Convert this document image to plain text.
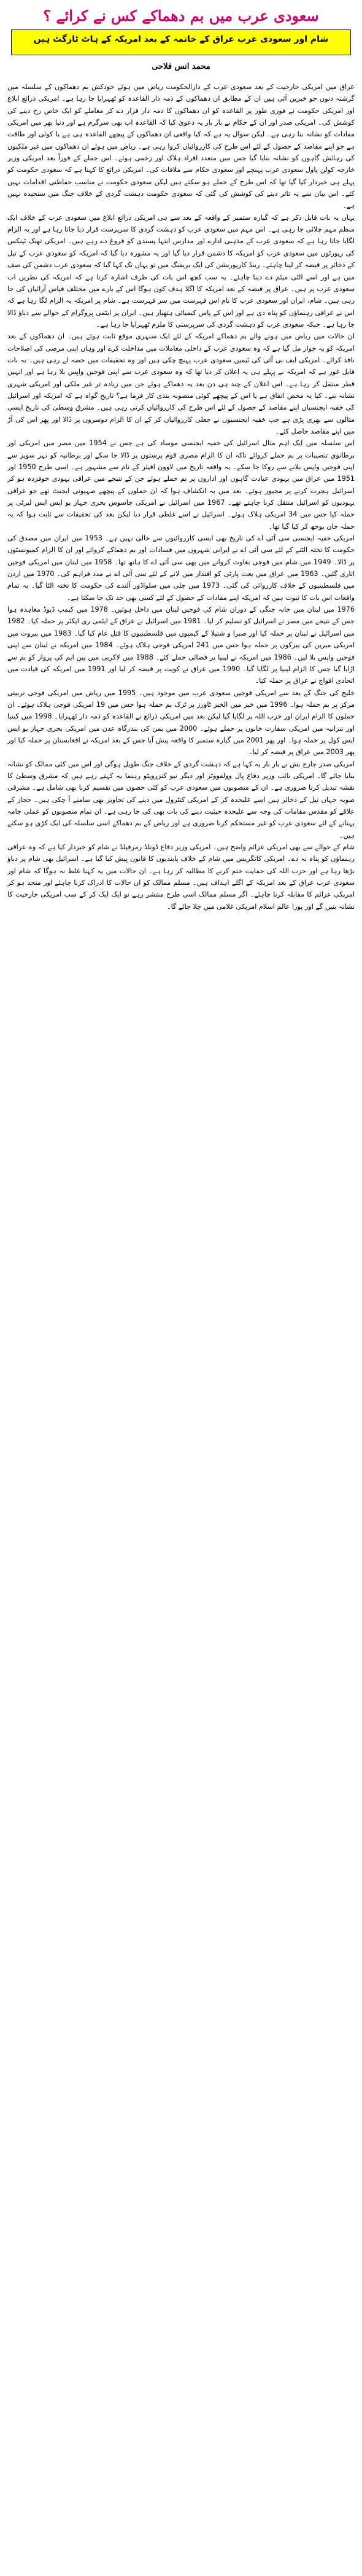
سعودی عرب میں بم دھماکے کس نے کرائے ؟
شام اور سعودی عرب عراق کے خاتمہ کے بعد امریکہ کے ہاٹ ٹارگٹ ہیں
محمد انس فلاحی

عراق میں امریکی جارحیت کے بعد سعودی عرب کے دارالحکومت ریاض میں ہوئے خودکش بم دھماکوں کے سلسلہ میں گزشتہ دنوں جو خبریں آئی ہیں ان کے مطابق ان دھماکوں کے ذمہ دار القاعدہ کو ٹھہرایا جا رہا ہے۔ امریکی ذرائع ابلاغ اور امریکی حکومت نے فوری طور پر القاعدہ کو ان دھماکوں کا ذمہ دار قرار دے کر معاملے کو ایک خاص رخ دینے کی کوشش کی۔ امریکی صدر اور ان کے حکام نے بار بار یہ دعویٰ کیا کہ القاعدہ اب بھی سرگرم ہے اور دنیا بھر میں امریکی مفادات کو نشانہ بنا رہی ہے۔ لیکن سوال یہ ہے کہ کیا واقعی ان دھماکوں کے پیچھے القاعدہ ہی ہے یا کوئی اور طاقت ہے جو اپنے مقاصد کے حصول کے لئے اس طرح کی کارروائیاں کروا رہی ہے۔ ریاض میں ہوئے ان دھماکوں میں غیر ملکیوں کی رہائش گاہوں کو نشانہ بنایا گیا جس میں متعدد افراد ہلاک اور زخمی ہوئے۔ اس حملے کے فوراً بعد امریکی وزیر خارجہ کولن پاول سعودی عرب پہنچے اور سعودی حکام سے ملاقات کی۔ امریکی ذرائع کا کہنا ہے کہ سعودی حکومت کو پہلے ہی خبردار کیا گیا تھا کہ اس طرح کے حملے ہو سکتے ہیں لیکن سعودی حکومت نے مناسب حفاظتی اقدامات نہیں کئے۔ اس بیان سے یہ تاثر دینے کی کوشش کی گئی کہ سعودی حکومت دہشت گردی کے خلاف جنگ میں سنجیدہ نہیں ہے۔

یہاں یہ بات قابل ذکر ہے کہ گیارہ ستمبر کے واقعہ کے بعد سے ہی امریکی ذرائع ابلاغ میں سعودی عرب کے خلاف ایک منظم مہم چلائی جا رہی ہے۔ اس مہم میں سعودی عرب کو دہشت گردی کا سرپرست قرار دیا جاتا رہا ہے اور یہ الزام لگایا جاتا رہا ہے کہ سعودی عرب کے مذہبی ادارے اور مدارس انتہا پسندی کو فروغ دے رہے ہیں۔ امریکی تھنک ٹینکس کی رپورٹوں میں سعودی عرب کو امریکہ کا دشمن قرار دیا گیا اور یہ مشورہ دیا گیا کہ امریکہ کو سعودی عرب کے تیل کے ذخائر پر قبضہ کر لینا چاہئے۔ رینڈ کارپوریشن کی ایک بریفنگ میں تو یہاں تک کہا گیا کہ سعودی عرب دشمن کی صف میں ہے اور اسے الٹی میٹم دے دینا چاہئے۔ یہ سب کچھ اس بات کی طرف اشارہ کرتا ہے کہ امریکہ کی نظریں اب سعودی عرب پر ہیں۔ عراق پر قبضہ کے بعد امریکہ کا اگلا ہدف کون ہوگا اس کے بارے میں مختلف قیاس آرائیاں کی جا رہی ہیں۔ شام، ایران اور سعودی عرب کا نام اس فہرست میں سر فہرست ہے۔ شام پر امریکہ یہ الزام لگا رہا ہے کہ اس نے عراقی رہنماؤں کو پناہ دی ہے اور اس کے پاس کیمیائی ہتھیار ہیں۔ ایران پر ایٹمی پروگرام کے حوالے سے دباؤ ڈالا جا رہا ہے۔ جبکہ سعودی عرب کو دہشت گردی کی سرپرستی کا ملزم ٹھہرایا جا رہا ہے۔

ان حالات میں ریاض میں ہونے والے بم دھماکے امریکہ کے لئے ایک سنہری موقع ثابت ہوئے ہیں۔ ان دھماکوں کے بعد امریکہ کو یہ جواز مل گیا ہے کہ وہ سعودی عرب کے داخلی معاملات میں مداخلت کرے اور وہاں اپنی مرضی کی اصلاحات نافذ کرائے۔ امریکی ایف بی آئی کی ٹیمیں سعودی عرب پہنچ چکی ہیں اور وہ تحقیقات میں حصہ لے رہی ہیں۔ یہ بات قابل غور ہے کہ امریکہ نے پہلے ہی یہ اعلان کر دیا تھا کہ وہ سعودی عرب سے اپنی فوجیں واپس بلا رہا ہے اور انہیں قطر منتقل کر رہا ہے۔ اس اعلان کے چند ہی دن بعد یہ دھماکے ہوئے جن میں زیادہ تر غیر ملکی اور امریکی شہری نشانہ بنے۔ کیا یہ محض اتفاق ہے یا اس کے پیچھے کوئی منصوبہ بندی کار فرما ہے؟ تاریخ گواہ ہے کہ امریکہ اور اسرائیل کی خفیہ ایجنسیاں اپنے مقاصد کے حصول کے لئے اس طرح کی کارروائیاں کرتی رہی ہیں۔ مشرق وسطیٰ کی تاریخ ایسی مثالوں سے بھری پڑی ہے جب خفیہ ایجنسیوں نے جعلی کارروائیاں کر کے ان کا الزام دوسروں پر ڈالا اور پھر اس کی آڑ میں اپنے مقاصد حاصل کئے۔

اس سلسلہ میں ایک اہم مثال اسرائیل کی خفیہ ایجنسی موساد کی ہے جس نے 1954 میں مصر میں امریکی اور برطانوی تنصیبات پر بم حملے کروائے تاکہ ان کا الزام مصری قوم پرستوں پر ڈالا جا سکے اور برطانیہ کو نہر سویز سے اپنی فوجیں واپس بلانے سے روکا جا سکے۔ یہ واقعہ تاریخ میں لاوون افیئر کے نام سے مشہور ہے۔ اسی طرح 1950 اور 1951 میں عراق میں یہودی عبادت گاہوں اور اداروں پر بم حملے ہوئے جن کے نتیجے میں عراقی یہودی خوفزدہ ہو کر اسرائیل ہجرت کرنے پر مجبور ہوئے۔ بعد میں یہ انکشاف ہوا کہ ان حملوں کے پیچھے صہیونی ایجنٹ تھے جو عراقی یہودیوں کو اسرائیل منتقل کرنا چاہتے تھے۔ 1967 میں اسرائیل نے امریکی جاسوس بحری جہاز یو ایس ایس لبرٹی پر حملہ کیا جس میں 34 امریکی ہلاک ہوئے۔ اسرائیل نے اسے غلطی قرار دیا لیکن بعد کی تحقیقات سے ثابت ہوا کہ یہ حملہ جان بوجھ کر کیا گیا تھا۔

امریکی خفیہ ایجنسی سی آئی اے کی تاریخ بھی ایسی کارروائیوں سے خالی نہیں ہے۔ 1953 میں ایران میں مصدق کی حکومت کا تختہ الٹنے کے لئے سی آئی اے نے ایرانی شہروں میں فسادات اور بم دھماکے کروائے اور ان کا الزام کمیونسٹوں پر ڈالا۔ 1949 میں شام میں فوجی بغاوت کروانے میں بھی سی آئی اے کا ہاتھ تھا۔ 1958 میں لبنان میں امریکی فوجیں اتاری گئیں۔ 1963 میں عراق میں بعث پارٹی کو اقتدار میں لانے کے لئے سی آئی اے نے مدد فراہم کی۔ 1970 میں اردن میں فلسطینیوں کے خلاف کارروائی کی گئی۔ 1973 میں چلی میں سلواڈور آلندے کی حکومت کا تختہ الٹا گیا۔ یہ تمام واقعات اس بات کا ثبوت ہیں کہ امریکہ اپنے مفادات کے حصول کے لئے کسی بھی حد تک جا سکتا ہے۔

1976 میں لبنان میں خانہ جنگی کے دوران شام کی فوجیں لبنان میں داخل ہوئیں۔ 1978 میں کیمپ ڈیوڈ معاہدہ ہوا جس کے نتیجے میں مصر نے اسرائیل کو تسلیم کر لیا۔ 1981 میں اسرائیل نے عراق کے ایٹمی ری ایکٹر پر حملہ کیا۔ 1982 میں اسرائیل نے لبنان پر حملہ کیا اور صبرا و شتیلا کے کیمپوں میں فلسطینیوں کا قتل عام کیا گیا۔ 1983 میں بیروت میں امریکی میرین کی بیرکوں پر حملہ ہوا جس میں 241 امریکی فوجی ہلاک ہوئے۔ 1984 میں امریکہ نے لبنان سے اپنی فوجیں واپس بلا لیں۔ 1986 میں امریکہ نے لیبیا پر فضائی حملے کئے۔ 1988 میں لاکربی میں پین ایم کی پرواز کو بم سے اڑایا گیا جس کا الزام لیبیا پر لگایا گیا۔ 1990 میں عراق نے کویت پر قبضہ کر لیا اور 1991 میں امریکہ کی قیادت میں اتحادی افواج نے عراق پر حملہ کیا۔

خلیج کی جنگ کے بعد سے امریکی فوجیں سعودی عرب میں موجود ہیں۔ 1995 میں ریاض میں امریکی فوجی تربیتی مرکز پر بم حملہ ہوا۔ 1996 میں خبر میں الخبر ٹاورز پر ٹرک بم حملہ ہوا جس میں 19 امریکی فوجی ہلاک ہوئے۔ ان حملوں کا الزام ایران اور حزب اللہ پر لگایا گیا لیکن بعد میں امریکی ذرائع نے القاعدہ کو ذمہ دار ٹھہرایا۔ 1998 میں کینیا اور تنزانیہ میں امریکی سفارت خانوں پر حملے ہوئے۔ 2000 میں یمن کی بندرگاہ عدن میں امریکی بحری جہاز یو ایس ایس کول پر حملہ ہوا۔ اور پھر 2001 میں گیارہ ستمبر کا واقعہ پیش آیا جس کے بعد امریکہ نے افغانستان پر حملہ کیا اور پھر 2003 میں عراق پر قبضہ کر لیا۔

امریکی صدر جارج بش نے بار بار یہ کہا ہے کہ دہشت گردی کے خلاف جنگ طویل ہوگی اور اس میں کئی ممالک کو نشانہ بنایا جائے گا۔ امریکی نائب وزیر دفاع پال وولفووٹز اور دیگر نیو کنزرویٹو رہنما یہ کہتے رہے ہیں کہ مشرق وسطیٰ کا نقشہ تبدیل کرنا ضروری ہے۔ ان کے منصوبوں میں سعودی عرب کو کئی حصوں میں تقسیم کرنا بھی شامل ہے۔ مشرقی صوبہ جہاں تیل کے ذخائر ہیں اسے علیحدہ کر کے امریکی کنٹرول میں دینے کی تجاویز بھی سامنے آ چکی ہیں۔ حجاز کے علاقے کو مقدس مقامات کی وجہ سے علیحدہ حیثیت دینے کی بات بھی کی جا رہی ہے۔ ان تمام منصوبوں کو عملی جامہ پہنانے کے لئے سعودی عرب کو غیر مستحکم کرنا ضروری ہے اور ریاض کے بم دھماکے اسی سلسلہ کی ایک کڑی ہو سکتے ہیں۔

شام کے حوالے سے بھی امریکی عزائم واضح ہیں۔ امریکی وزیر دفاع ڈونلڈ رمزفیلڈ نے شام کو خبردار کیا ہے کہ وہ عراقی رہنماؤں کو پناہ نہ دے۔ امریکی کانگریس میں شام کے خلاف پابندیوں کا قانون پیش کیا گیا ہے۔ اسرائیل بھی شام پر دباؤ بڑھا رہا ہے اور حزب اللہ کی حمایت ختم کرنے کا مطالبہ کر رہا ہے۔ ان حالات میں یہ کہنا غلط نہ ہوگا کہ شام اور سعودی عرب عراق کے بعد امریکہ کے اگلے اہداف ہیں۔ مسلم ممالک کو ان حالات کا ادراک کرنا چاہئے اور متحد ہو کر امریکی عزائم کا مقابلہ کرنا چاہئے۔ اگر مسلم ممالک اسی طرح منتشر رہے تو ایک ایک کر کے سب امریکی جارحیت کا نشانہ بنیں گے اور پورا عالم اسلام امریکی غلامی میں چلا جائے گا۔
